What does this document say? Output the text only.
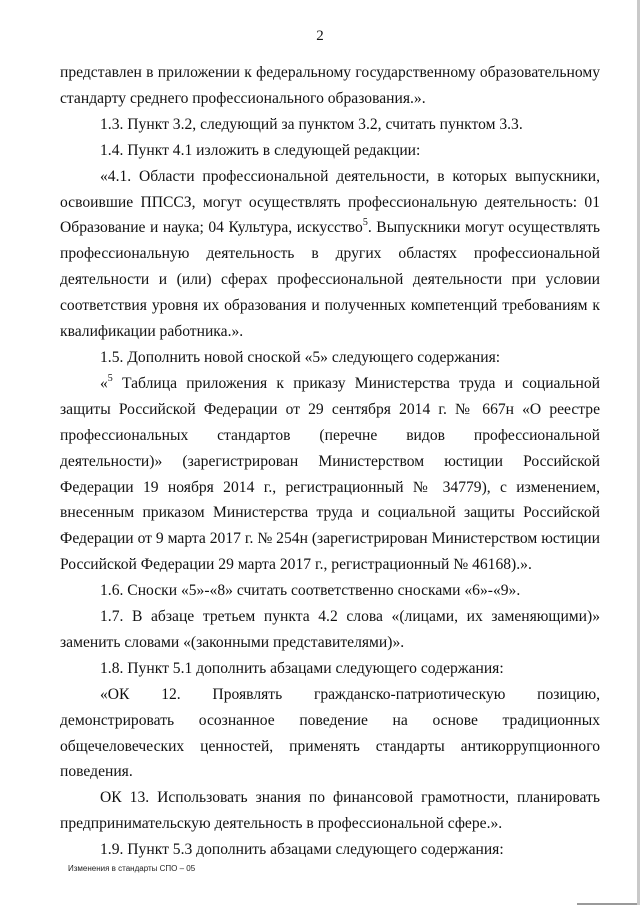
2

представлен в приложении к федеральному государственному образовательному стандарту среднего профессионального образования.».

1.3. Пункт 3.2, следующий за пунктом 3.2, считать пунктом 3.3.

1.4. Пункт 4.1 изложить в следующей редакции:

«4.1. Области профессиональной деятельности, в которых выпускники, освоившие ППССЗ, могут осуществлять профессиональную деятельность: 01 Образование и наука; 04 Культура, искусство$^5$. Выпускники могут осуществлять профессиональную деятельность в других областях профессиональной деятельности и (или) сферах профессиональной деятельности при условии соответствия уровня их образования и полученных компетенций требованиям к квалификации работника.».

1.5. Дополнить новой сноской «5» следующего содержания:

«$^5$ Таблица приложения к приказу Министерства труда и социальной защиты Российской Федерации от 29 сентября 2014 г. № 667н «О реестре профессиональных стандартов (перечне видов профессиональной деятельности)» (зарегистрирован Министерством юстиции Российской Федерации 19 ноября 2014 г., регистрационный № 34779), с изменением, внесенным приказом Министерства труда и социальной защиты Российской Федерации от 9 марта 2017 г. № 254н (зарегистрирован Министерством юстиции Российской Федерации 29 марта 2017 г., регистрационный № 46168).».

1.6. Сноски «5»-«8» считать соответственно сносками «6»-«9».

1.7. В абзаце третьем пункта 4.2 слова «(лицами, их заменяющими)» заменить словами «(законными представителями)».

1.8. Пункт 5.1 дополнить абзацами следующего содержания:

«ОК 12. Проявлять гражданско-патриотическую позицию, демонстрировать осознанное поведение на основе традиционных общечеловеческих ценностей, применять стандарты антикоррупционного поведения.

ОК 13. Использовать знания по финансовой грамотности, планировать предпринимательскую деятельность в профессиональной сфере.».

1.9. Пункт 5.3 дополнить абзацами следующего содержания:

Изменения в стандарты СПО – 05
